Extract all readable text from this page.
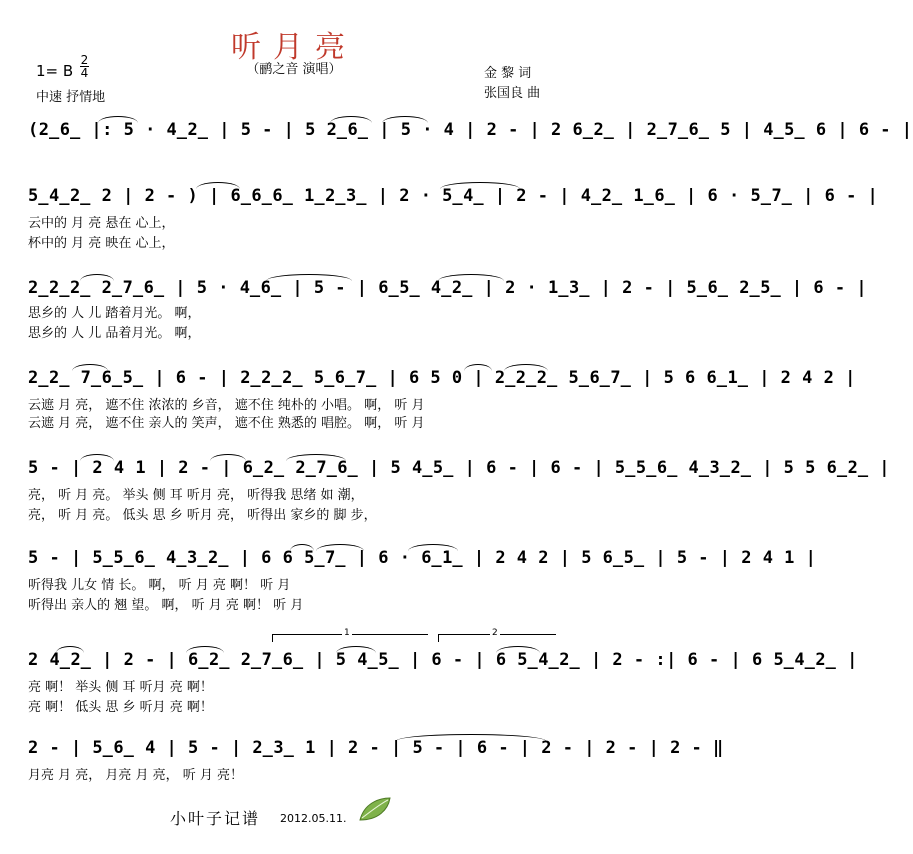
听月亮
（鹂之音 演唱）
1= B
2
4
中速 抒情地
金 黎 词
张国良 曲
(2̲6̲ |: 5 · 4̲2̲ | 5 - | 5 2̲6̲ | 5 · 4 | 2 - | 2 6̲2̲ | 2̲7̲6̲ 5 | 4̲5̲ 6 | 6 - |
5̲4̲2̲ 2 | 2 - ) | 6̲6̲6̲ 1̲2̲3̲ | 2 · 5̲4̲ | 2 - | 4̲2̲ 1̲6̲ | 6 · 5̲7̲ | 6 - |
云中的 月 亮 悬在 心上，
杯中的 月 亮 映在 心上，
2̲2̲2̲ 2̲7̲6̲ | 5 · 4̲6̲ | 5 - | 6̲5̲ 4̲2̲ | 2 · 1̲3̲ | 2 - | 5̲6̲ 2̲5̲ | 6 - |
思乡的 人 儿 踏着月光。 啊，
思乡的 人 儿 品着月光。 啊，
2̲2̲ 7̲6̲5̲ | 6 - | 2̲2̲2̲ 5̲6̲7̲ | 6 5 0 | 2̲2̲2̲ 5̲6̲7̲ | 5 6 6̲1̲ | 2 4 2 |
云遮 月 亮， 遮不住 浓浓的 乡音， 遮不住 纯朴的 小唱。 啊， 听 月
云遮 月 亮， 遮不住 亲人的 笑声， 遮不住 熟悉的 唱腔。 啊， 听 月
5 - | 2 4 1 | 2 - | 6̲2̲ 2̲7̲6̲ | 5 4̲5̲ | 6 - | 6 - | 5̲5̲6̲ 4̲3̲2̲ | 5 5 6̲2̲ |
亮， 听 月 亮。 举头 侧 耳 听月 亮， 听得我 思绪 如 潮，
亮， 听 月 亮。 低头 思 乡 听月 亮， 听得出 家乡的 脚 步，
5 - | 5̲5̲6̲ 4̲3̲2̲ | 6 6 5̲7̲ | 6 · 6̲1̲ | 2 4 2 | 5 6̲5̲ | 5 - | 2 4 1 |
听得我 儿女 情 长。 啊， 听 月 亮 啊！ 听 月
听得出 亲人的 翘 望。 啊， 听 月 亮 啊！ 听 月
1	2
2 4̲2̲ | 2 - | 6̲2̲ 2̲7̲6̲ | 5 4̲5̲ | 6 - | 6 5̲4̲2̲ | 2 - :| 6 - | 6 5̲4̲2̲ |
亮 啊！ 举头 侧 耳 听月 亮 啊！
亮 啊！ 低头 思 乡 听月 亮 啊！
2 - | 5̲6̲ 4 | 5 - | 2̲3̲ 1 | 2 - | 5 - | 6 - | 2 - | 2 - | 2 - ‖
月亮 月 亮， 月亮 月 亮， 听 月 亮！
小叶子记谱 2012.05.11.
